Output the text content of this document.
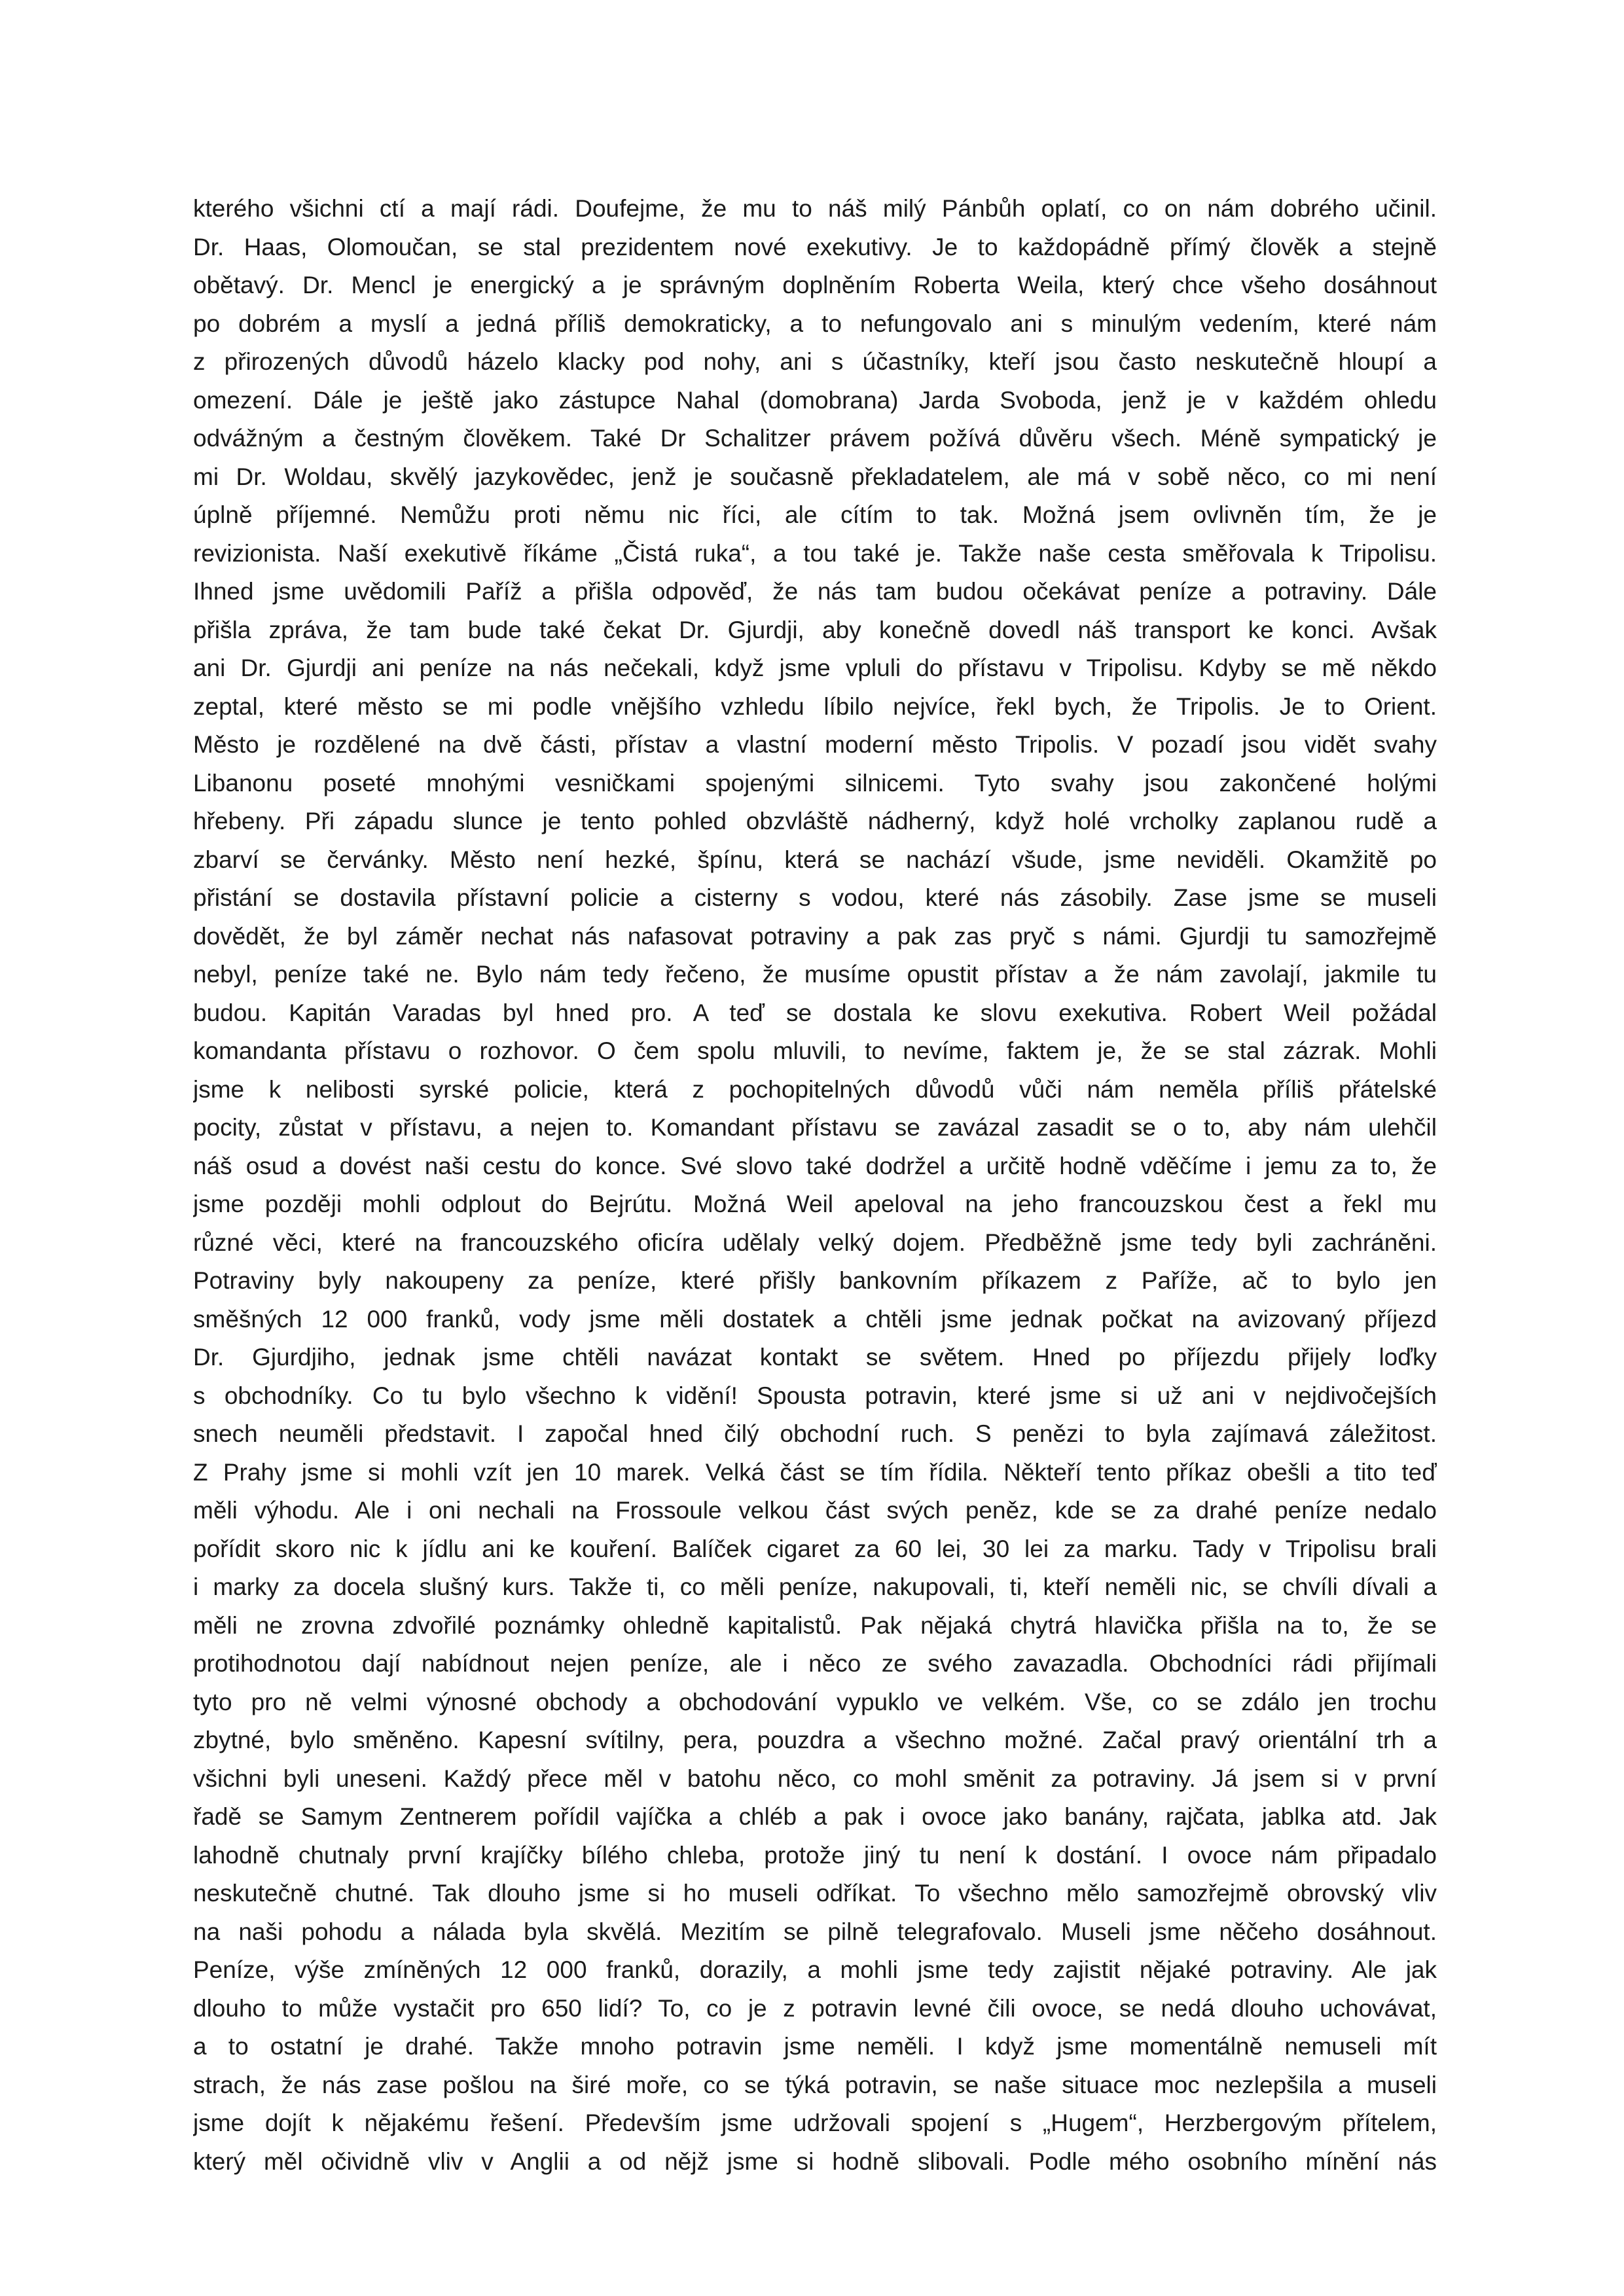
kterého všichni ctí a mají rádi. Doufejme, že mu to náš milý Pánbůh oplatí, co on nám dobrého učinil.
Dr. Haas, Olomoučan, se stal prezidentem nové exekutivy. Je to každopádně přímý člověk a stejně
obětavý. Dr. Mencl je energický a je správným doplněním Roberta Weila, který chce všeho dosáhnout
po dobrém a myslí a jedná příliš demokraticky, a to nefungovalo ani s minulým vedením, které nám
z přirozených důvodů házelo klacky pod nohy, ani s účastníky, kteří jsou často neskutečně hloupí a
omezení. Dále je ještě jako zástupce Nahal (domobrana) Jarda Svoboda, jenž je v každém ohledu
odvážným a čestným člověkem. Také Dr Schalitzer právem požívá důvěru všech. Méně sympatický je
mi Dr. Woldau, skvělý jazykovědec, jenž je současně překladatelem, ale má v sobě něco, co mi není
úplně příjemné. Nemůžu proti němu nic říci, ale cítím to tak. Možná jsem ovlivněn tím, že je
revizionista. Naší exekutivě říkáme „Čistá ruka“, a tou také je. Takže naše cesta směřovala k Tripolisu.
Ihned jsme uvědomili Paříž a přišla odpověď, že nás tam budou očekávat peníze a potraviny. Dále
přišla zpráva, že tam bude také čekat Dr. Gjurdji, aby konečně dovedl náš transport ke konci. Avšak
ani Dr. Gjurdji ani peníze na nás nečekali, když jsme vpluli do přístavu v Tripolisu. Kdyby se mě někdo
zeptal, které město se mi podle vnějšího vzhledu líbilo nejvíce, řekl bych, že Tripolis. Je to Orient.
Město je rozdělené na dvě části, přístav a vlastní moderní město Tripolis. V pozadí jsou vidět svahy
Libanonu poseté mnohými vesničkami spojenými silnicemi. Tyto svahy jsou zakončené holými
hřebeny. Při západu slunce je tento pohled obzvláště nádherný, když holé vrcholky zaplanou rudě a
zbarví se červánky. Město není hezké, špínu, která se nachází všude, jsme neviděli. Okamžitě po
přistání se dostavila přístavní policie a cisterny s vodou, které nás zásobily. Zase jsme se museli
dovědět, že byl záměr nechat nás nafasovat potraviny a pak zas pryč s námi. Gjurdji tu samozřejmě
nebyl, peníze také ne. Bylo nám tedy řečeno, že musíme opustit přístav a že nám zavolají, jakmile tu
budou. Kapitán Varadas byl hned pro. A teď se dostala ke slovu exekutiva. Robert Weil požádal
komandanta přístavu o rozhovor. O čem spolu mluvili, to nevíme, faktem je, že se stal zázrak. Mohli
jsme k nelibosti syrské policie, která z pochopitelných důvodů vůči nám neměla příliš přátelské
pocity, zůstat v přístavu, a nejen to. Komandant přístavu se zavázal zasadit se o to, aby nám ulehčil
náš osud a dovést naši cestu do konce. Své slovo také dodržel a určitě hodně vděčíme i jemu za to, že
jsme později mohli odplout do Bejrútu. Možná Weil apeloval na jeho francouzskou čest a řekl mu
různé věci, které na francouzského oficíra udělaly velký dojem. Předběžně jsme tedy byli zachráněni.
Potraviny byly nakoupeny za peníze, které přišly bankovním příkazem z Paříže, ač to bylo jen
směšných 12 000 franků, vody jsme měli dostatek a chtěli jsme jednak počkat na avizovaný příjezd
Dr. Gjurdjiho, jednak jsme chtěli navázat kontakt se světem. Hned po příjezdu přijely loďky
s obchodníky. Co tu bylo všechno k vidění! Spousta potravin, které jsme si už ani v nejdivočejších
snech neuměli představit. I započal hned čilý obchodní ruch. S penězi to byla zajímavá záležitost.
Z Prahy jsme si mohli vzít jen 10 marek. Velká část se tím řídila. Někteří tento příkaz obešli a tito teď
měli výhodu. Ale i oni nechali na Frossoule velkou část svých peněz, kde se za drahé peníze nedalo
pořídit skoro nic k jídlu ani ke kouření. Balíček cigaret za 60 lei, 30 lei za marku. Tady v Tripolisu brali
i marky za docela slušný kurs. Takže ti, co měli peníze, nakupovali, ti, kteří neměli nic, se chvíli dívali a
měli ne zrovna zdvořilé poznámky ohledně kapitalistů. Pak nějaká chytrá hlavička přišla na to, že se
protihodnotou dají nabídnout nejen peníze, ale i něco ze svého zavazadla. Obchodníci rádi přijímali
tyto pro ně velmi výnosné obchody a obchodování vypuklo ve velkém. Vše, co se zdálo jen trochu
zbytné, bylo směněno. Kapesní svítilny, pera, pouzdra a všechno možné. Začal pravý orientální trh a
všichni byli uneseni. Každý přece měl v batohu něco, co mohl směnit za potraviny. Já jsem si v první
řadě se Samym Zentnerem pořídil vajíčka a chléb a pak i ovoce jako banány, rajčata, jablka atd. Jak
lahodně chutnaly první krajíčky bílého chleba, protože jiný tu není k dostání. I ovoce nám připadalo
neskutečně chutné. Tak dlouho jsme si ho museli odříkat. To všechno mělo samozřejmě obrovský vliv
na naši pohodu a nálada byla skvělá. Mezitím se pilně telegrafovalo. Museli jsme něčeho dosáhnout.
Peníze, výše zmíněných 12 000 franků, dorazily, a mohli jsme tedy zajistit nějaké potraviny. Ale jak
dlouho to může vystačit pro 650 lidí? To, co je z potravin levné čili ovoce, se nedá dlouho uchovávat,
a to ostatní je drahé. Takže mnoho potravin jsme neměli. I když jsme momentálně nemuseli mít
strach, že nás zase pošlou na širé moře, co se týká potravin, se naše situace moc nezlepšila a museli
jsme dojít k nějakému řešení. Především jsme udržovali spojení s „Hugem“, Herzbergovým přítelem,
který měl očividně vliv v Anglii a od nějž jsme si hodně slibovali. Podle mého osobního mínění nás
